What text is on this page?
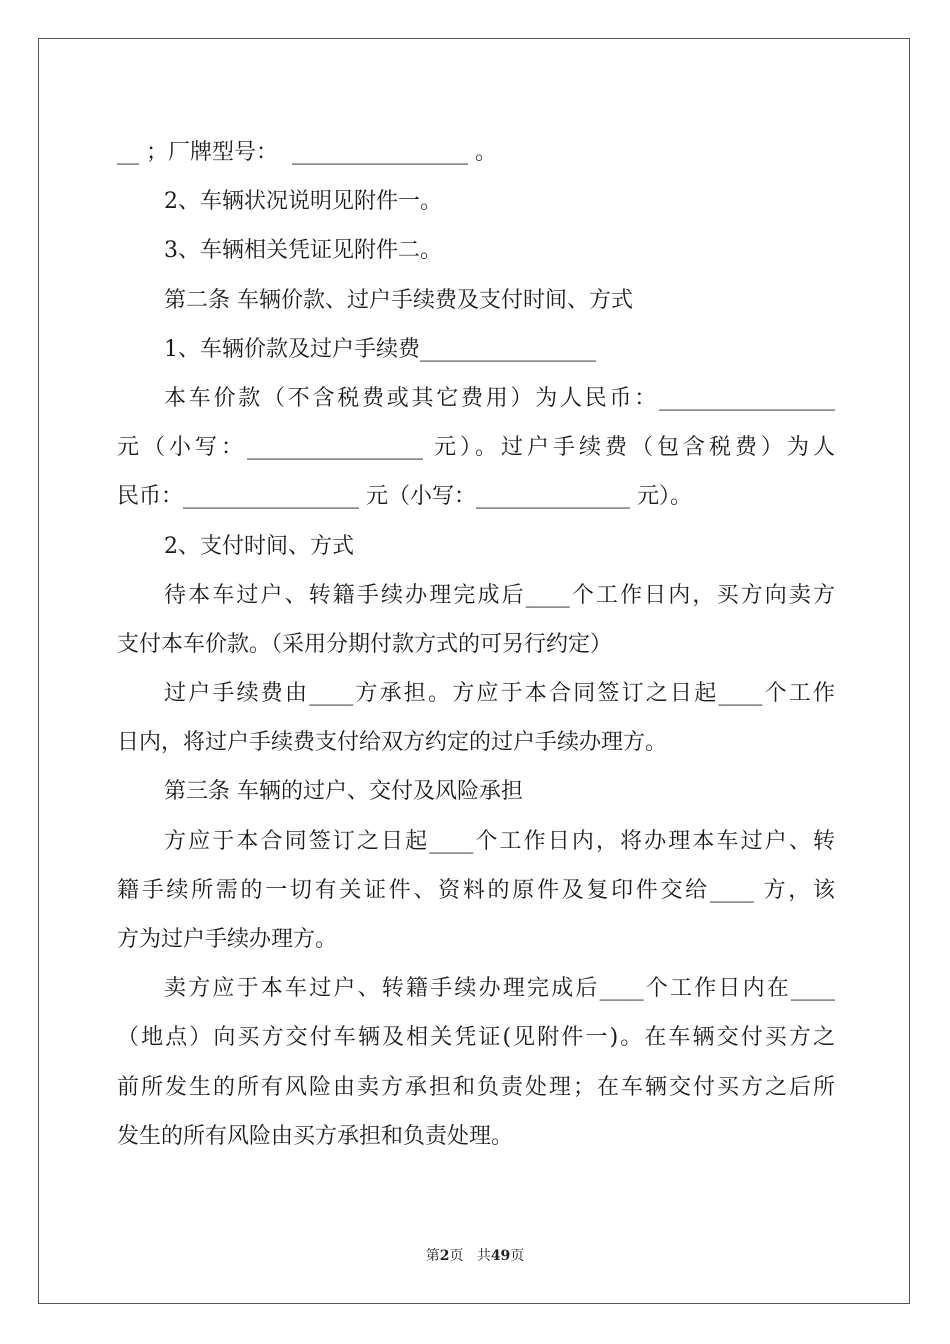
__ ；厂牌型号：  ________________ 。
2、车辆状况说明见附件一。
3、车辆相关凭证见附件二。
第二条 车辆价款、过户手续费及支付时间、方式
1、车辆价款及过户手续费________________
本车价款（不含税费或其它费用）为人民币：________________
元（小写：________________ 元）。过户手续费（包含税费）为人
民币：________________ 元（小写：______________ 元）。
2、支付时间、方式
待本车过户、转籍手续办理完成后____个工作日内，买方向卖方
支付本车价款。（采用分期付款方式的可另行约定）
过户手续费由____方承担。方应于本合同签订之日起____个工作
日内，将过户手续费支付给双方约定的过户手续办理方。
第三条 车辆的过户、交付及风险承担
方应于本合同签订之日起____个工作日内，将办理本车过户、转
籍手续所需的一切有关证件、资料的原件及复印件交给____ 方，该
方为过户手续办理方。
卖方应于本车过户、转籍手续办理完成后____个工作日内在____
（地点）向买方交付车辆及相关凭证(见附件一)。在车辆交付买方之
前所发生的所有风险由卖方承担和负责处理；在车辆交付买方之后所
发生的所有风险由买方承担和负责处理。
第2页 共49页
